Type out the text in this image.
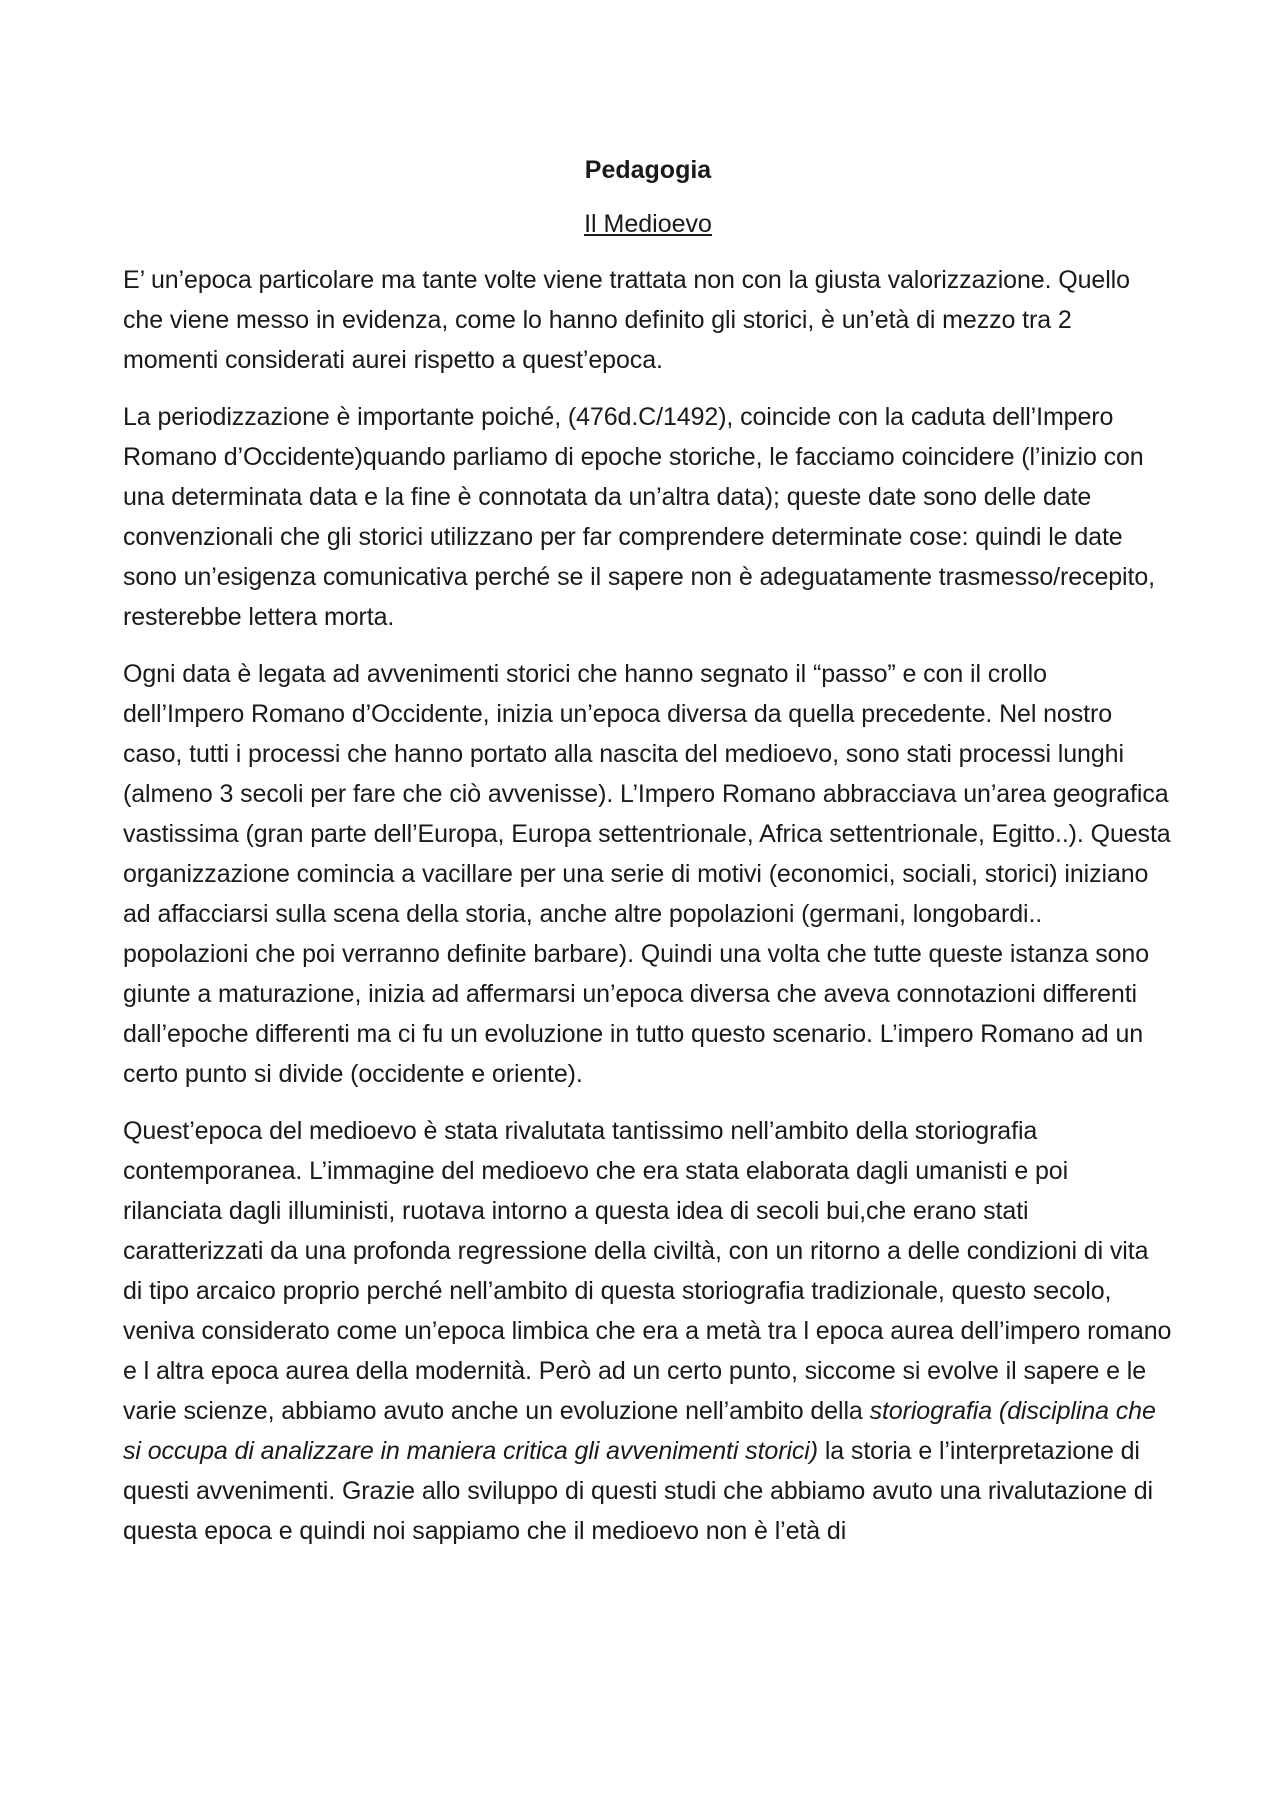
Pedagogia
Il Medioevo

E’ un’epoca particolare ma tante volte viene trattata non con la giusta valorizzazione. Quello che viene messo in evidenza, come lo hanno definito gli storici, è un’età di mezzo tra 2 momenti considerati aurei rispetto a quest’epoca.

La periodizzazione è importante poiché, (476d.C/1492), coincide con la caduta dell’Impero Romano d’Occidente)quando parliamo di epoche storiche, le facciamo coincidere (l’inizio con una determinata data e la fine è connotata da un’altra data); queste date sono delle date convenzionali che gli storici utilizzano per far comprendere determinate cose: quindi le date sono un’esigenza comunicativa perché se il sapere non è adeguatamente trasmesso/recepito, resterebbe lettera morta.

Ogni data è legata ad avvenimenti storici che hanno segnato il “passo” e con il crollo dell’Impero Romano d’Occidente, inizia un’epoca diversa da quella precedente. Nel nostro caso, tutti i processi che hanno portato alla nascita del medioevo, sono stati processi lunghi (almeno 3 secoli per fare che ciò avvenisse). L’Impero Romano abbracciava un’area geografica vastissima (gran parte dell’Europa, Europa settentrionale, Africa settentrionale, Egitto..). Questa organizzazione comincia a vacillare per una serie di motivi (economici, sociali, storici) iniziano ad affacciarsi sulla scena della storia, anche altre popolazioni (germani, longobardi.. popolazioni che poi verranno definite barbare). Quindi una volta che tutte queste istanza sono giunte a maturazione, inizia ad affermarsi un’epoca diversa che aveva connotazioni differenti dall’epoche differenti ma ci fu un evoluzione in tutto questo scenario. L’impero Romano ad un certo punto si divide (occidente e oriente).

Quest’epoca del medioevo è stata rivalutata tantissimo nell’ambito della storiografia contemporanea. L’immagine del medioevo che era stata elaborata dagli umanisti e poi rilanciata dagli illuministi, ruotava intorno a questa idea di secoli bui,che erano stati caratterizzati da una profonda regressione della civiltà, con un ritorno a delle condizioni di vita di tipo arcaico proprio perché nell’ambito di questa storiografia tradizionale, questo secolo, veniva considerato come un’epoca limbica che era a metà tra l epoca aurea dell’impero romano e l altra epoca aurea della modernità. Però ad un certo punto, siccome si evolve il sapere e le varie scienze, abbiamo avuto anche un evoluzione nell’ambito della storiografia (disciplina che si occupa di analizzare in maniera critica gli avvenimenti storici) la storia e l’interpretazione di questi avvenimenti. Grazie allo sviluppo di questi studi che abbiamo avuto una rivalutazione di questa epoca e quindi noi sappiamo che il medioevo non è l’età di
